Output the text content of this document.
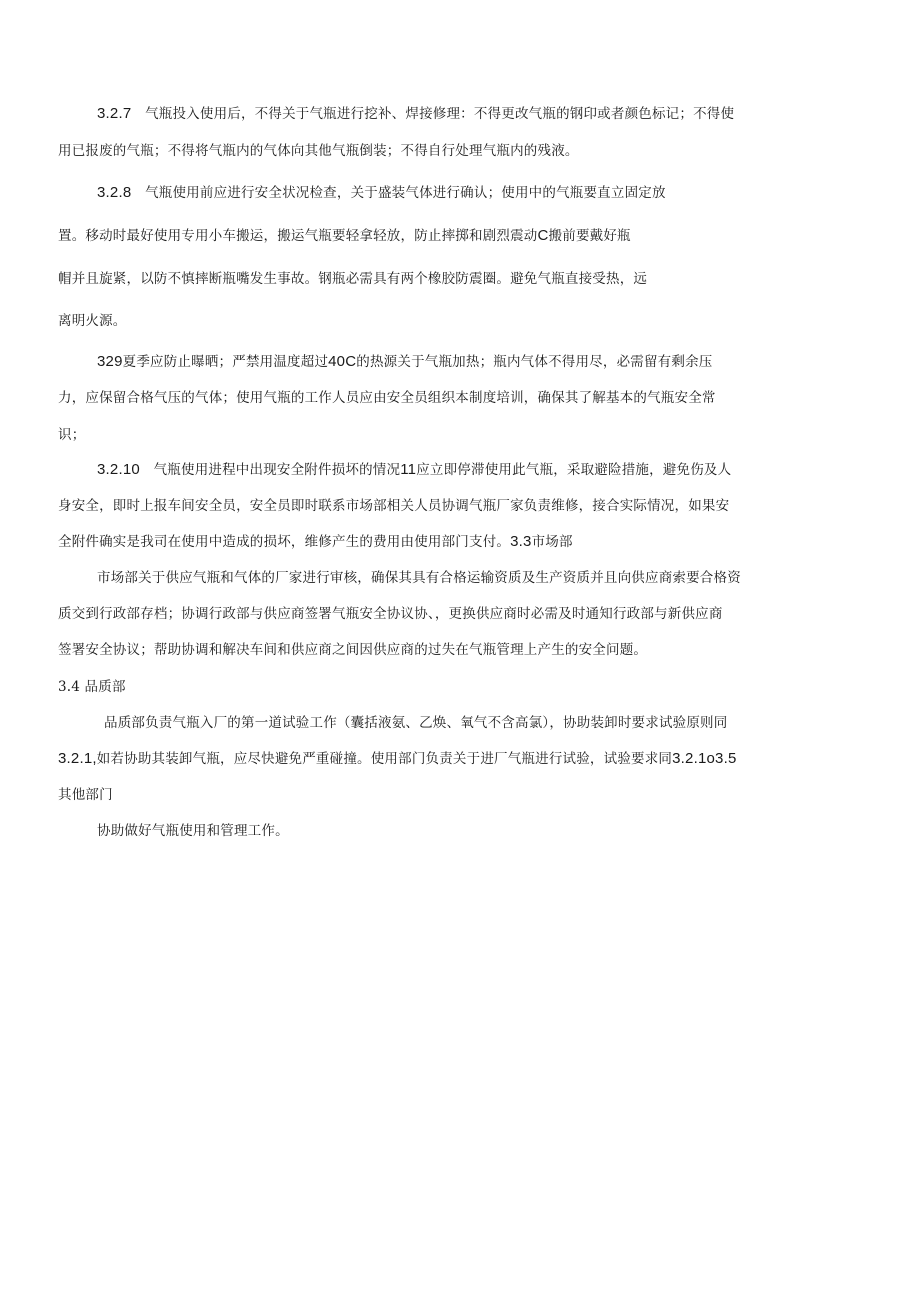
3.2.7　气瓶投入使用后，不得关于气瓶进行挖补、焊接修理：不得更改气瓶的钢印或者颜色标记；不得使
用已报废的气瓶；不得将气瓶内的气体向其他气瓶倒装；不得自行处理气瓶内的残液。
3.2.8　气瓶使用前应进行安全状况检查，关于盛装气体进行确认；使用中的气瓶要直立固定放
置。移动时最好使用专用小车搬运，搬运气瓶要轻拿轻放，防止摔掷和剧烈震动C搬前要戴好瓶
帽并且旋紧，以防不慎摔断瓶嘴发生事故。钢瓶必需具有两个橡胶防震圈。避免气瓶直接受热，远
离明火源。
329夏季应防止曝晒；严禁用温度超过40C的热源关于气瓶加热；瓶内气体不得用尽，必需留有剩余压
力，应保留合格气压的气体；使用气瓶的工作人员应由安全员组织本制度培训，确保其了解基本的气瓶安全常
识；
3.2.10　气瓶使用进程中出现安全附件损坏的情况11应立即停滞使用此气瓶，采取避险措施，避免伤及人
身安全，即时上报车间安全员，安全员即时联系市场部相关人员协调气瓶厂家负责维修，接合实际情况，如果安
全附件确实是我司在使用中造成的损坏，维修产生的费用由使用部门支付。3.3市场部
市场部关于供应气瓶和气体的厂家进行审核，确保其具有合格运输资质及生产资质并且向供应商索要合格资
质交到行政部存档；协调行政部与供应商签署气瓶安全协议协、，更换供应商时必需及时通知行政部与新供应商
签署安全协议；帮助协调和解决车间和供应商之间因供应商的过失在气瓶管理上产生的安全问题。
3.4 品质部
品质部负责气瓶入厂的第一道试验工作（囊括液氨、乙焕、氧气不含高氯），协助装卸时要求试验原则同
3.2.1,如若协助其装卸气瓶，应尽快避免严重碰撞。使用部门负责关于进厂气瓶进行试验，试验要求同3.2.1o3.5
其他部门
协助做好气瓶使用和管理工作。
